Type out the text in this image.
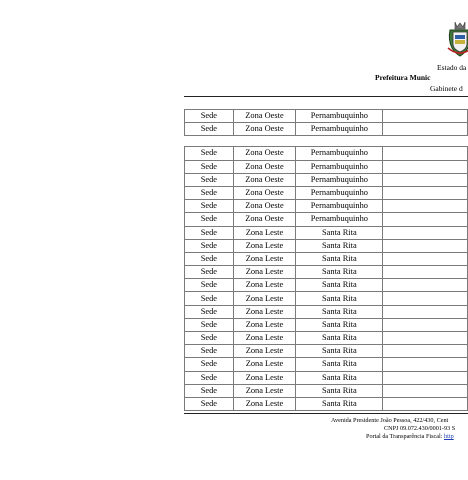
Estado da
Prefeitura Munic
Gabinete d
Sede	Zona Oeste	Pernambuquinho	
Sede	Zona Oeste	Pernambuquinho	

Sede	Zona Oeste	Pernambuquinho	
Sede	Zona Oeste	Pernambuquinho	
Sede	Zona Oeste	Pernambuquinho	
Sede	Zona Oeste	Pernambuquinho	
Sede	Zona Oeste	Pernambuquinho	
Sede	Zona Oeste	Pernambuquinho	
Sede	Zona Leste	Santa Rita	
Sede	Zona Leste	Santa Rita	
Sede	Zona Leste	Santa Rita	
Sede	Zona Leste	Santa Rita	
Sede	Zona Leste	Santa Rita	
Sede	Zona Leste	Santa Rita	
Sede	Zona Leste	Santa Rita	
Sede	Zona Leste	Santa Rita	
Sede	Zona Leste	Santa Rita	
Sede	Zona Leste	Santa Rita	
Sede	Zona Leste	Santa Rita	
Sede	Zona Leste	Santa Rita	
Sede	Zona Leste	Santa Rita	
Sede	Zona Leste	Santa Rita	
Avenida Presidente João Pessoa, 422/430, Cent
CNPJ 09.072.430/0001-93 S
Portal da Transparência Fiscal: http
